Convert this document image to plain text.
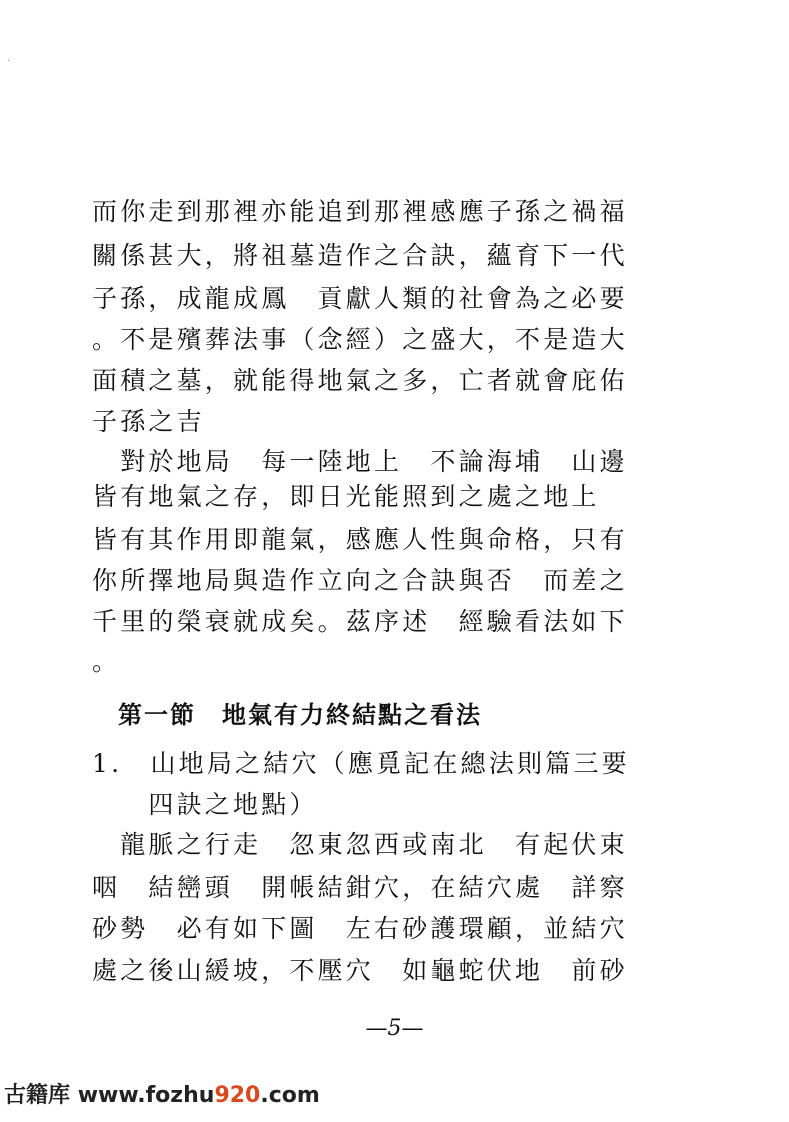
而你走到那裡亦能追到那裡感應子孫之禍福
關係甚大，將祖墓造作之合訣，蘊育下一代
子孫，成龍成鳳　貢獻人類的社會為之必要
。不是殯葬法事（念經）之盛大，不是造大
面積之墓，就能得地氣之多，亡者就會庇佑
子孫之吉
　對於地局　每一陸地上　不論海埔　山邊
皆有地氣之存，即日光能照到之處之地上
皆有其作用即龍氣，感應人性與命格，只有
你所擇地局與造作立向之合訣與否　而差之
千里的榮衰就成矣。茲序述　經驗看法如下
。
第一節　地氣有力終結點之看法
1.　山地局之結穴（應覓記在總法則篇三要
　　四訣之地點）
　龍脈之行走　忽東忽西或南北　有起伏束
咽　結巒頭　開帳結鉗穴，在結穴處　詳察
砂勢　必有如下圖　左右砂護環顧，並結穴
處之後山緩坡，不壓穴　如龜蛇伏地　前砂
—5—
古籍库 www.fozhu920.com
